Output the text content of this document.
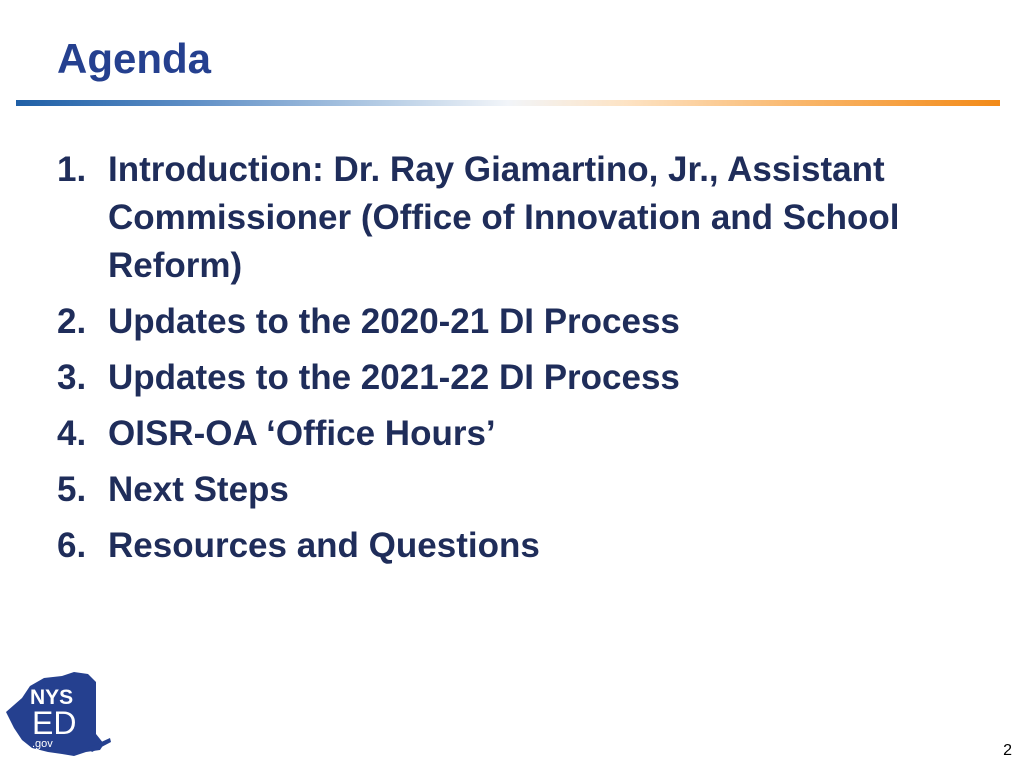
Agenda
1. Introduction: Dr. Ray Giamartino, Jr., Assistant Commissioner (Office of Innovation and School Reform)
2. Updates to the 2020-21 DI Process
3. Updates to the 2021-22 DI Process
4. OISR-OA ‘Office Hours’
5. Next Steps
6. Resources and Questions
NYS
ED
.gov	2
